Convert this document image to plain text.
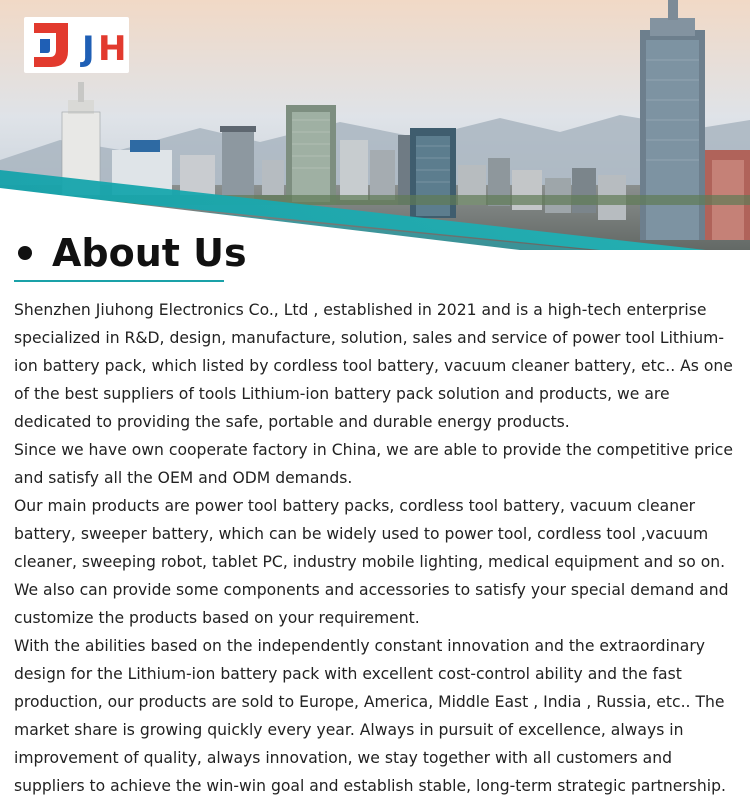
J H
About Us

Shenzhen Jiuhong Electronics Co., Ltd , established in 2021 and is a high-tech enterprise specialized in R&D, design, manufacture, solution, sales and service of power tool Lithium-ion battery pack, which listed by cordless tool battery, vacuum cleaner battery, etc.. As one of the best suppliers of tools Lithium-ion battery pack solution and products, we are dedicated to providing the safe, portable and durable energy products.

Since we have own cooperate factory in China, we are able to provide the competitive price and satisfy all the OEM and ODM demands.

Our main products are power tool battery packs, cordless tool battery, vacuum cleaner battery, sweeper battery, which can be widely used to power tool, cordless tool ,vacuum cleaner, sweeping robot, tablet PC, industry mobile lighting, medical equipment and so on. We also can provide some components and accessories to satisfy your special demand and customize the products based on your requirement.

With the abilities based on the independently constant innovation and the extraordinary design for the Lithium-ion battery pack with excellent cost-control ability and the fast production, our products are sold to Europe, America, Middle East , India , Russia, etc.. The market share is growing quickly every year. Always in pursuit of excellence, always in improvement of quality, always innovation, we stay together with all customers and suppliers to achieve the win-win goal and establish stable, long-term strategic partnership.
